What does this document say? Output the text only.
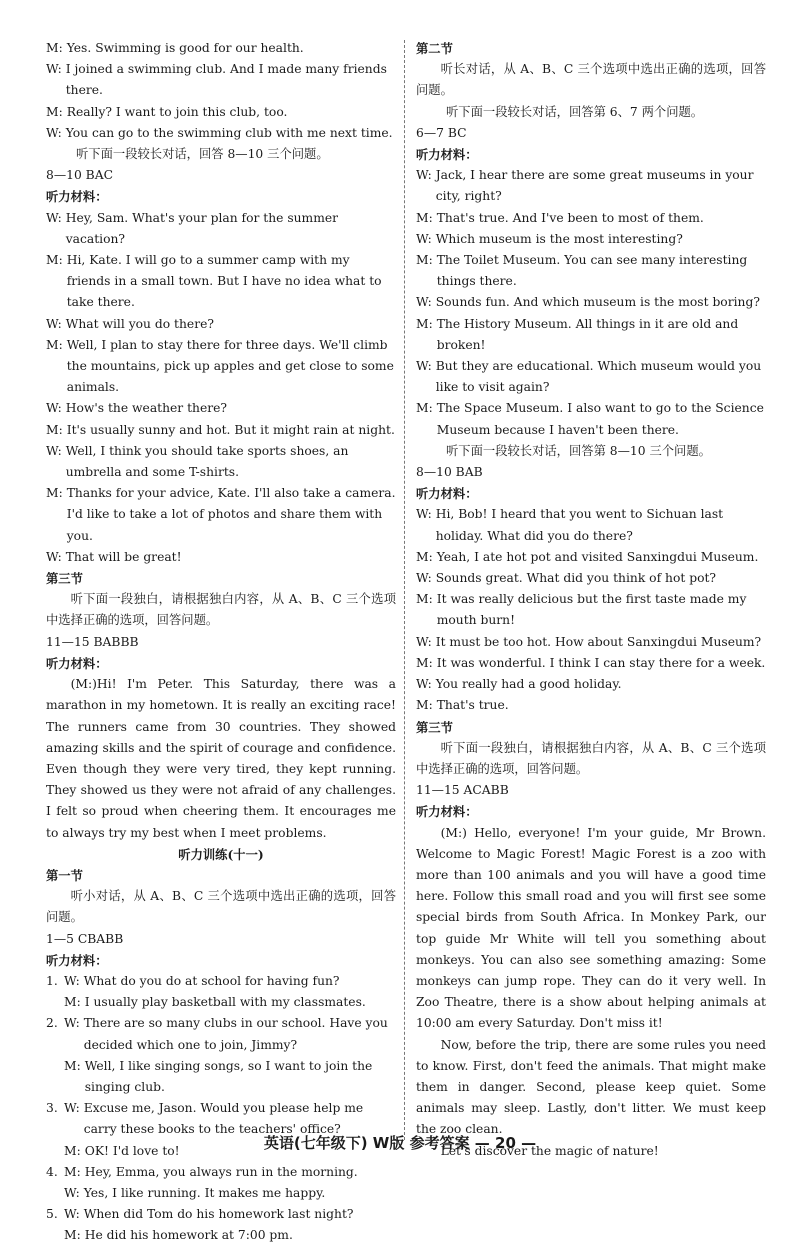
M: Yes. Swimming is good for our health.
W: I joined a swimming club. And I made many friends there.
M: Really? I want to join this club, too.
W: You can go to the swimming club with me next time.
听下面一段较长对话，回答 8—10 三个问题。
8—10 BAC
听力材料：
W: Hey, Sam. What's your plan for the summer vacation?
M: Hi, Kate. I will go to a summer camp with my friends in a small town. But I have no idea what to take there.
W: What will you do there?
M: Well, I plan to stay there for three days. We'll climb the mountains, pick up apples and get close to some animals.
W: How's the weather there?
M: It's usually sunny and hot. But it might rain at night.
W: Well, I think you should take sports shoes, an umbrella and some T-shirts.
M: Thanks for your advice, Kate. I'll also take a camera. I'd like to take a lot of photos and share them with you.
W: That will be great!
第三节
听下面一段独白，请根据独白内容，从 A、B、C 三个选项中选择正确的选项，回答问题。
11—15 BABBB
听力材料：
(M:)Hi! I'm Peter. This Saturday, there was a marathon in my hometown. It is really an exciting race! The runners came from 30 countries. They showed amazing skills and the spirit of courage and confidence. Even though they were very tired, they kept running. They showed us they were not afraid of any challenges. I felt so proud when cheering them. It encourages me to always try my best when I meet problems.
听力训练(十一)
第一节
听小对话，从 A、B、C 三个选项中选出正确的选项，回答问题。
1—5 CBABB
听力材料：
1. W: What do you do at school for having fun?
M: I usually play basketball with my classmates.
2. W: There are so many clubs in our school. Have you decided which one to join, Jimmy?
M: Well, I like singing songs, so I want to join the singing club.
3. W: Excuse me, Jason. Would you please help me carry these books to the teachers' office?
M: OK! I'd love to!
4. M: Hey, Emma, you always run in the morning.
W: Yes, I like running. It makes me happy.
5. W: When did Tom do his homework last night?
M: He did his homework at 7:00 pm.
第二节
听长对话，从 A、B、C 三个选项中选出正确的选项，回答问题。
听下面一段较长对话，回答第 6、7 两个问题。
6—7 BC
听力材料：
W: Jack, I hear there are some great museums in your city, right?
M: That's true. And I've been to most of them.
W: Which museum is the most interesting?
M: The Toilet Museum. You can see many interesting things there.
W: Sounds fun. And which museum is the most boring?
M: The History Museum. All things in it are old and broken!
W: But they are educational. Which museum would you like to visit again?
M: The Space Museum. I also want to go to the Science Museum because I haven't been there.
听下面一段较长对话，回答第 8—10 三个问题。
8—10 BAB
听力材料：
W: Hi, Bob! I heard that you went to Sichuan last holiday. What did you do there?
M: Yeah, I ate hot pot and visited Sanxingdui Museum.
W: Sounds great. What did you think of hot pot?
M: It was really delicious but the first taste made my mouth burn!
W: It must be too hot. How about Sanxingdui Museum?
M: It was wonderful. I think I can stay there for a week.
W: You really had a good holiday.
M: That's true.
第三节
听下面一段独白，请根据独白内容，从 A、B、C 三个选项中选择正确的选项，回答问题。
11—15 ACABB
听力材料：
(M:) Hello, everyone! I'm your guide, Mr Brown. Welcome to Magic Forest! Magic Forest is a zoo with more than 100 animals and you will have a good time here. Follow this small road and you will first see some special birds from South Africa. In Monkey Park, our top guide Mr White will tell you something about monkeys. You can also see something amazing: Some monkeys can jump rope. They can do it very well. In Zoo Theatre, there is a show about helping animals at 10:00 am every Saturday. Don't miss it!
Now, before the trip, there are some rules you need to know. First, don't feed the animals. That might make them in danger. Second, please keep quiet. Some animals may sleep. Lastly, don't litter. We must keep the zoo clean.
Let's discover the magic of nature!
英语(七年级下) W版 参考答案 — 20 —
